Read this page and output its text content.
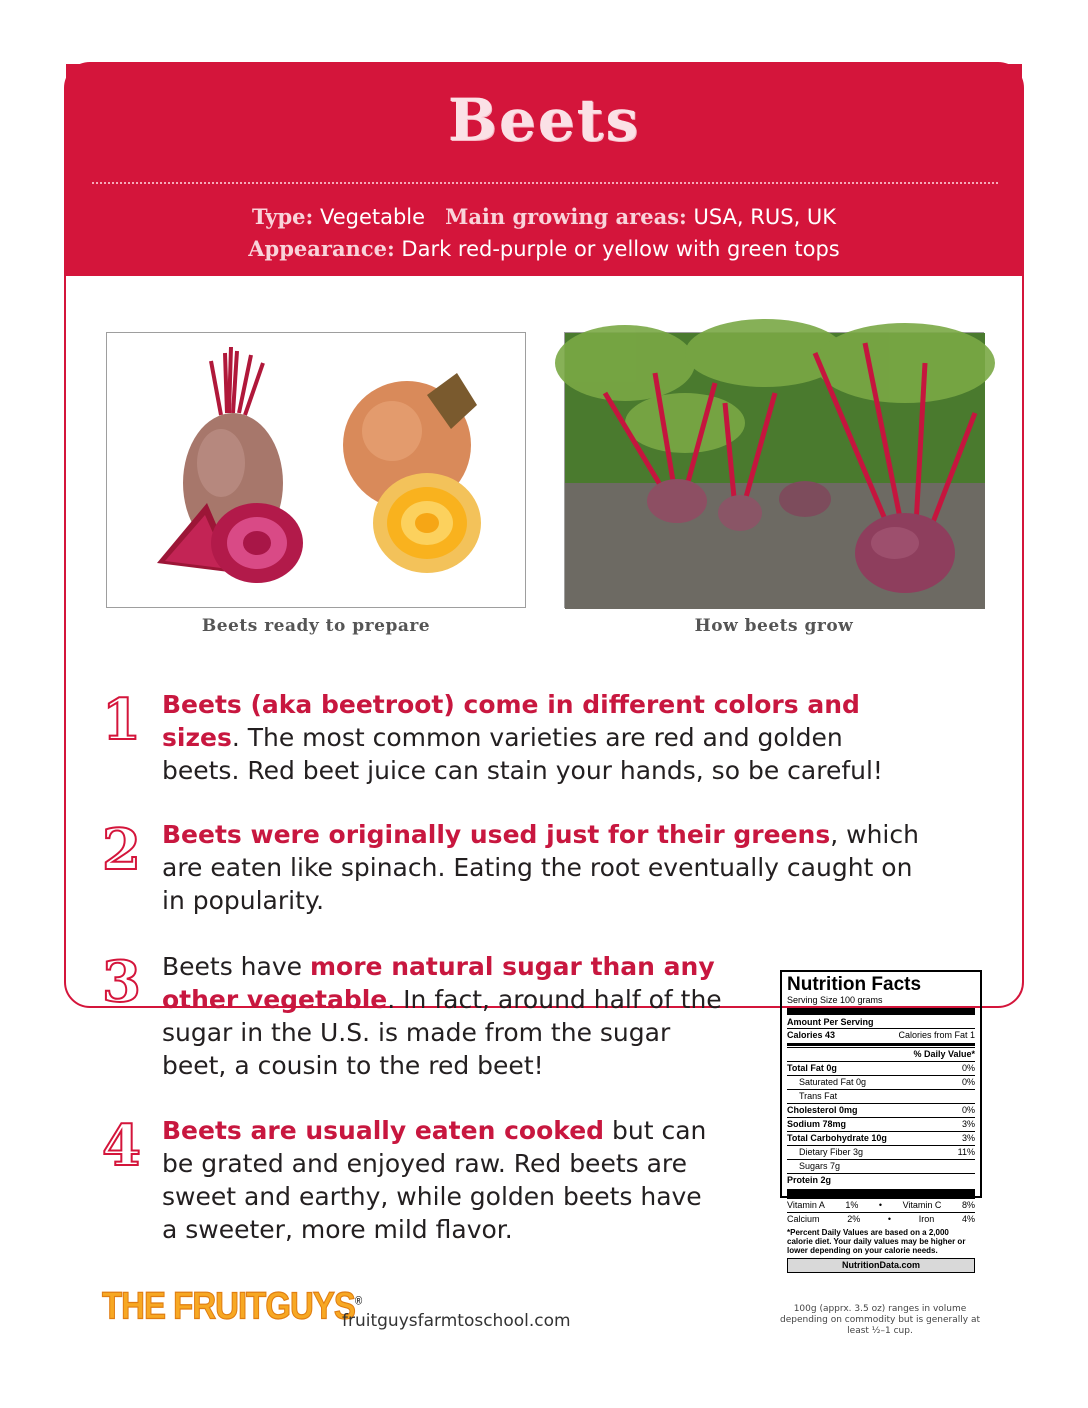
Beets
Type: Vegetable Main growing areas: USA, RUS, UK
Appearance: Dark red-purple or yellow with green tops
Beets ready to prepare	How beets grow
1 Beets (aka beetroot) come in different colors and sizes. The most common varieties are red and golden beets. Red beet juice can stain your hands, so be careful!
2 Beets were originally used just for their greens, which are eaten like spinach. Eating the root eventually caught on in popularity.
3 Beets have more natural sugar than any other vegetable. In fact, around half of the sugar in the U.S. is made from the sugar beet, a cousin to the red beet!
4 Beets are usually eaten cooked but can be grated and enjoyed raw. Red beets are sweet and earthy, while golden beets have a sweeter, more mild flavor.
Nutrition Facts
Serving Size 100 grams
Amount Per Serving
Calories 43	Calories from Fat 1
% Daily Value*
Total Fat 0g	0%
Saturated Fat 0g	0%
Trans Fat
Cholesterol 0mg	0%
Sodium 78mg	3%
Total Carbohydrate 10g	3%
Dietary Fiber 3g	11%
Sugars 7g
Protein 2g
Vitamin A 1% • Vitamin C 8%
Calcium	2%	•	Iron	4%
*Percent Daily Values are based on a 2,000 calorie diet. Your daily values may be higher or lower depending on your calorie needs.
NutritionData.com
100g (apprx. 3.5 oz) ranges in volume depending on commodity but is generally at least ½–1 cup.
THE FRUITGUYS®
fruitguysfarmtoschool.com
